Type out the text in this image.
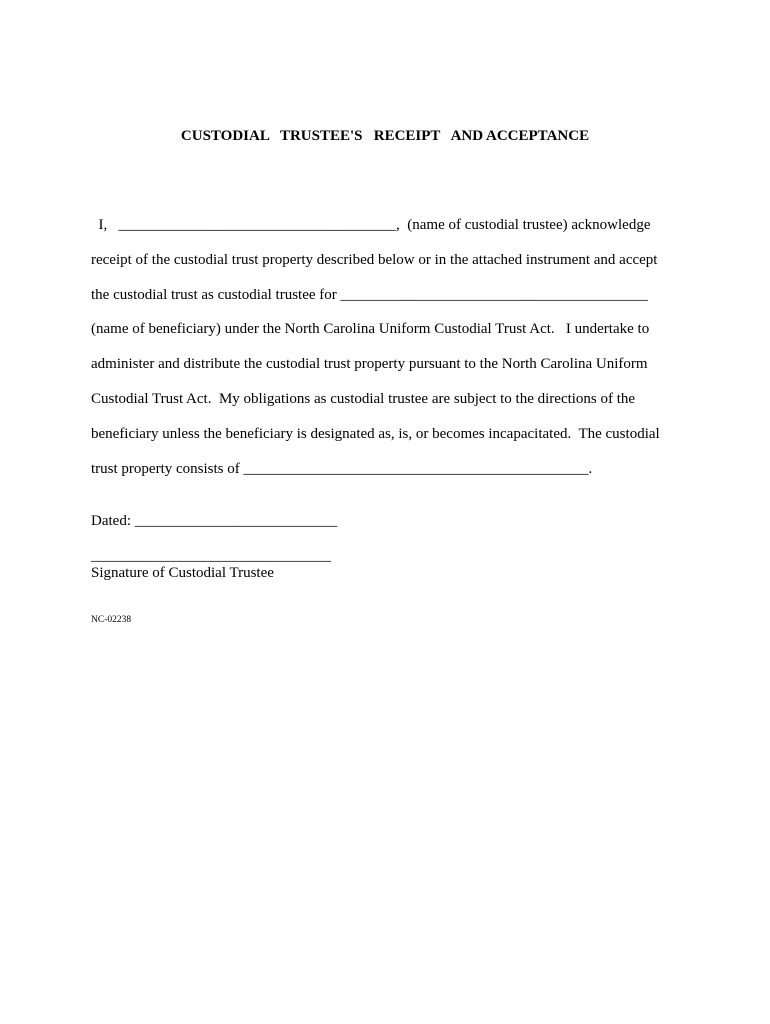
CUSTODIAL   TRUSTEE'S   RECEIPT   AND ACCEPTANCE
I,   _____________________________________,  (name of custodial trustee) acknowledge
receipt of the custodial trust property described below or in the attached instrument and accept
the custodial trust as custodial trustee for _________________________________________
(name of beneficiary) under the North Carolina Uniform Custodial Trust Act.   I undertake to
administer and distribute the custodial trust property pursuant to the North Carolina Uniform
Custodial Trust Act.  My obligations as custodial trustee are subject to the directions of the
beneficiary unless the beneficiary is designated as, is, or becomes incapacitated.  The custodial
trust property consists of ______________________________________________.
Dated: ___________________________
________________________________
Signature of Custodial Trustee
NC-02238
